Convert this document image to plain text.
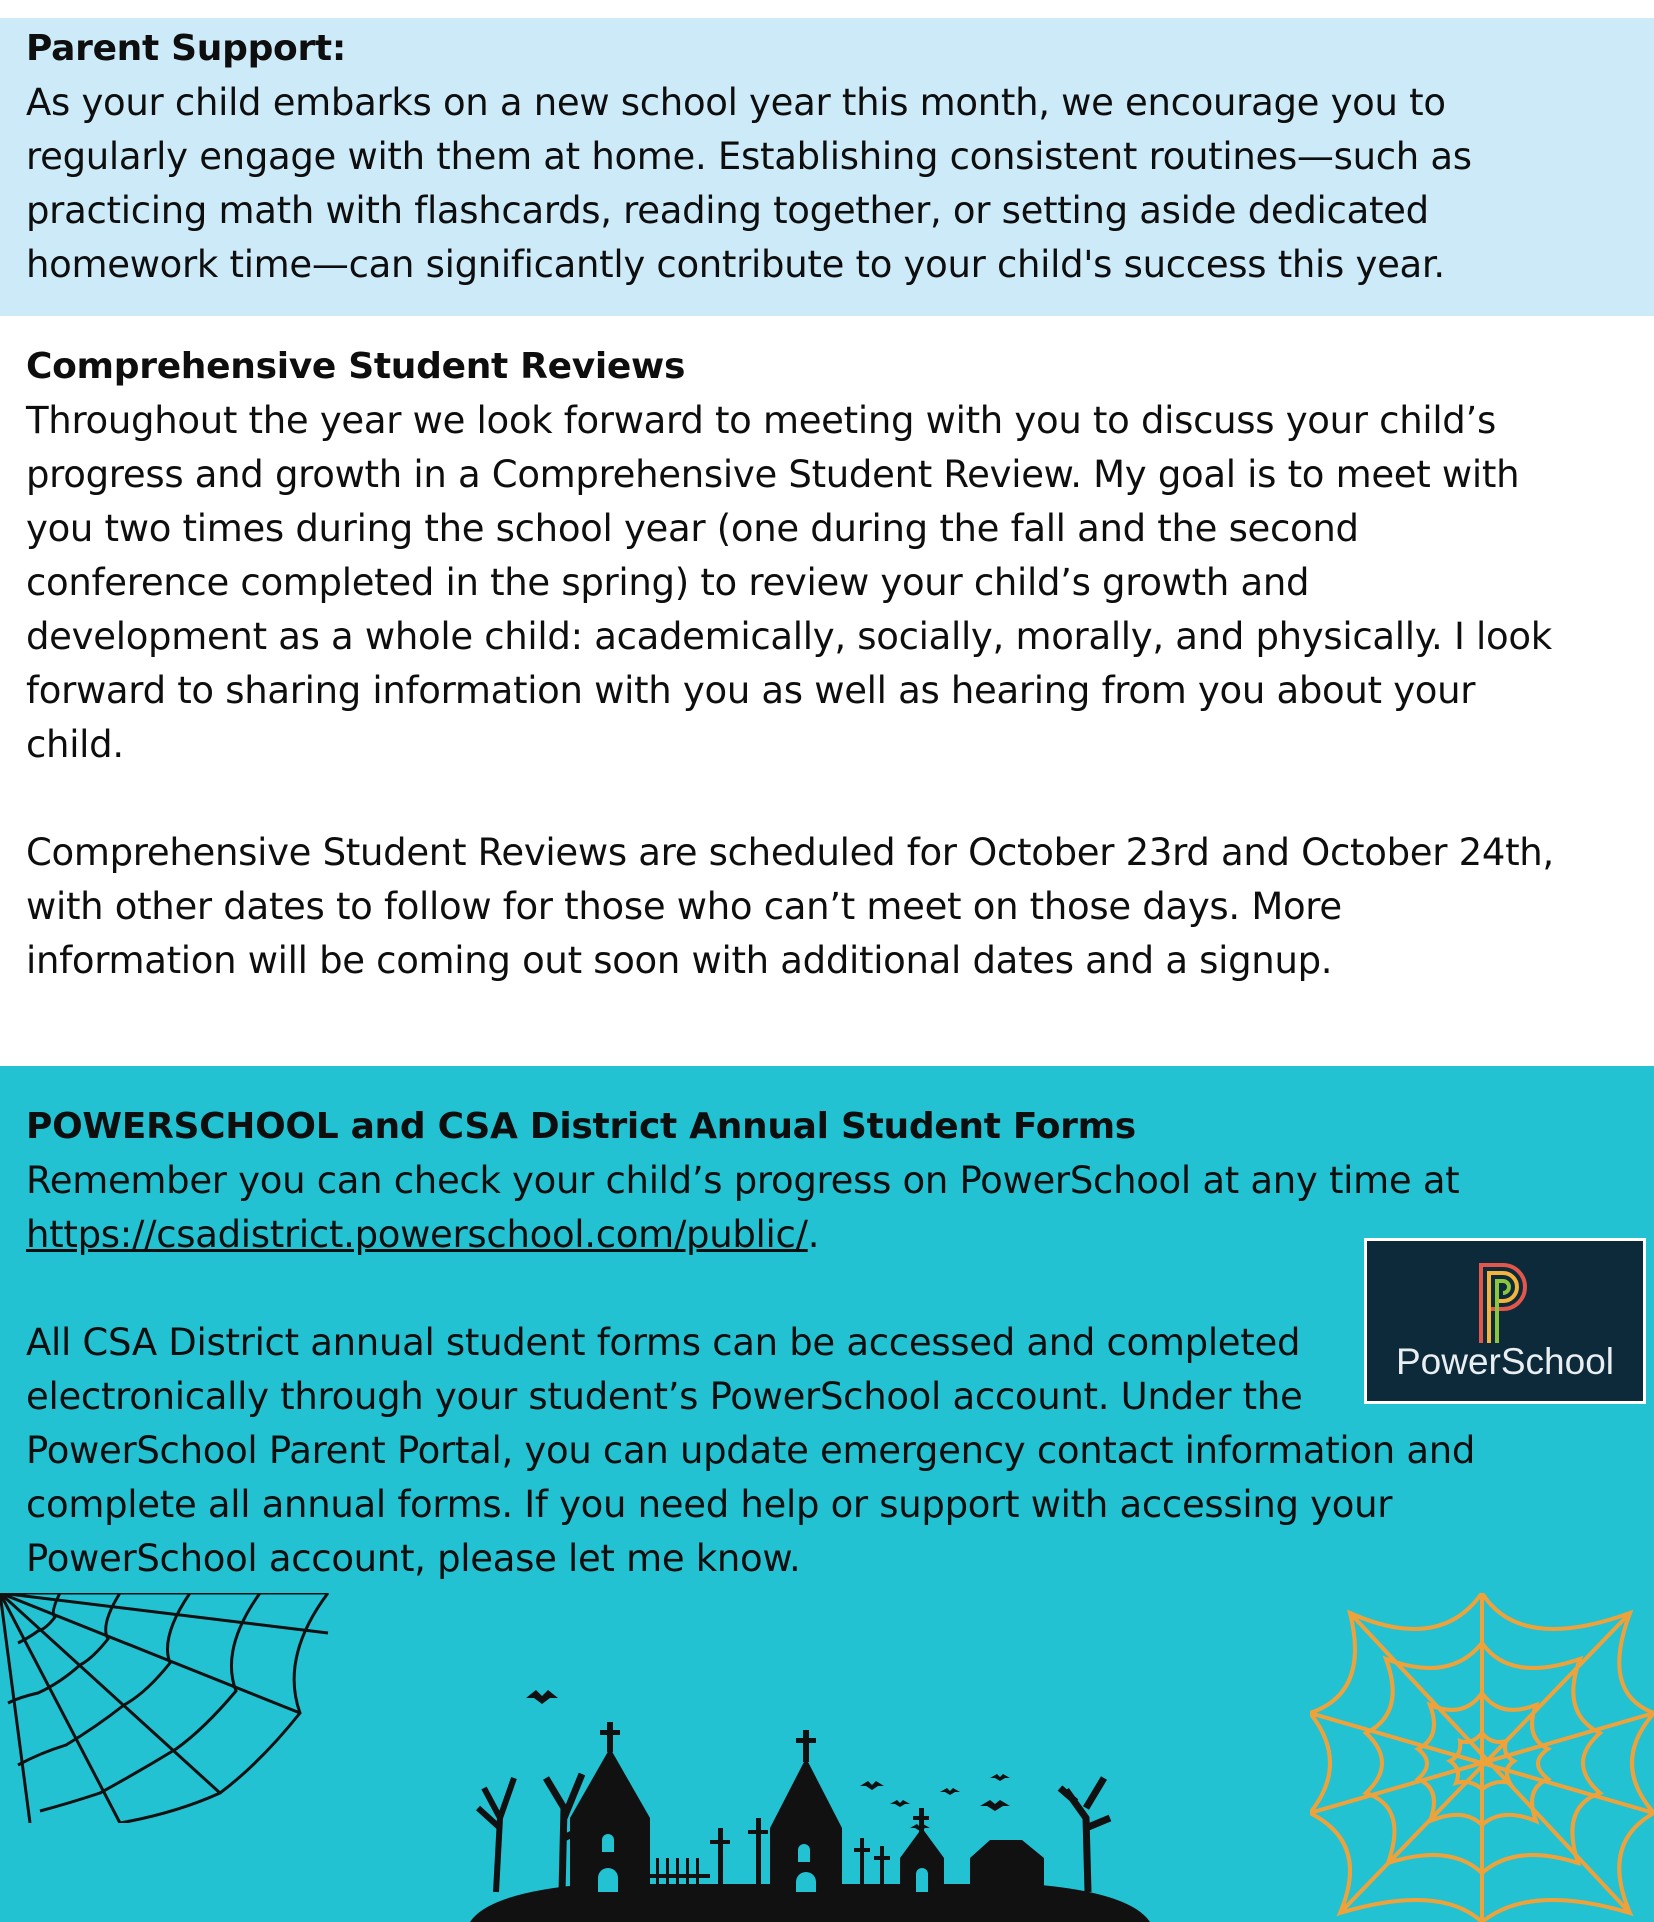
Parent Support:

As your child embarks on a new school year this month, we encourage you to

regularly engage with them at home. Establishing consistent routines—such as

practicing math with flashcards, reading together, or setting aside dedicated

homework time—can significantly contribute to your child's success this year.

Comprehensive Student Reviews

Throughout the year we look forward to meeting with you to discuss your child’s

progress and growth in a Comprehensive Student Review. My goal is to meet with

you two times during the school year (one during the fall and the second

conference completed in the spring) to review your child’s growth and

development as a whole child: academically, socially, morally, and physically. I look

forward to sharing information with you as well as hearing from you about your

child.

Comprehensive Student Reviews are scheduled for October 23rd and October 24th,

with other dates to follow for those who can’t meet on those days. More

information will be coming out soon with additional dates and a signup.

POWERSCHOOL and CSA District Annual Student Forms

Remember you can check your child’s progress on PowerSchool at any time at

https://csadistrict.powerschool.com/public/.

All CSA District annual student forms can be accessed and completed

electronically through your student’s PowerSchool account. Under the

PowerSchool Parent Portal, you can update emergency contact information and

complete all annual forms. If you need help or support with accessing your

PowerSchool account, please let me know.

PowerSchool
